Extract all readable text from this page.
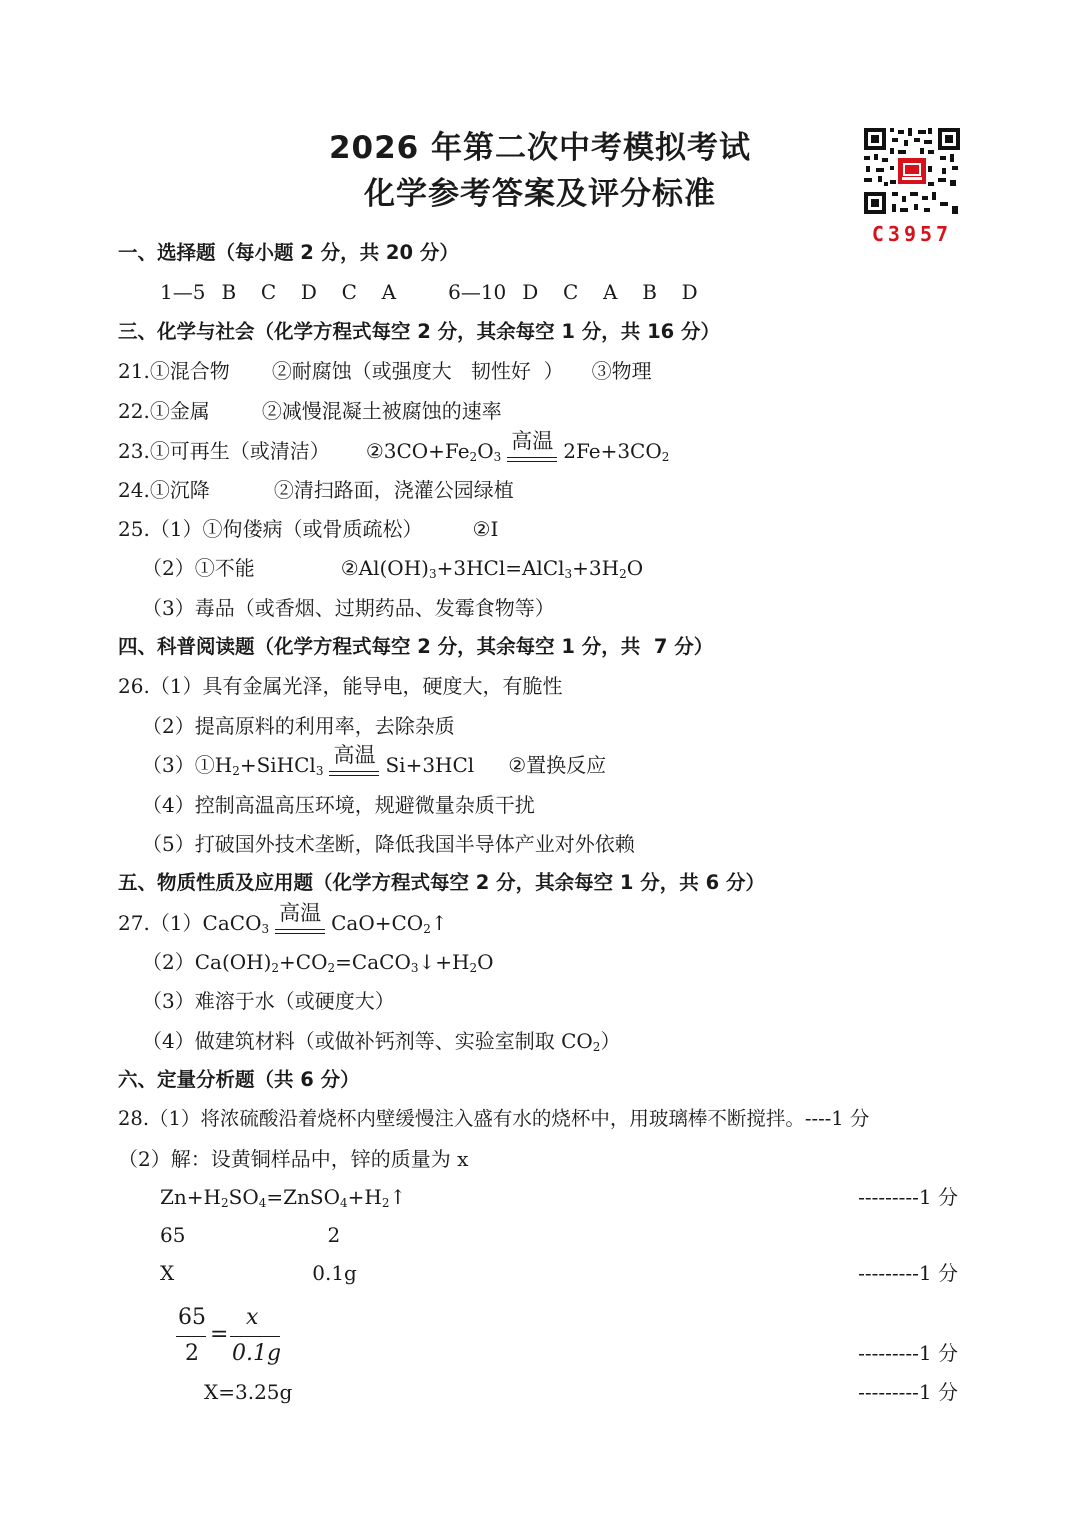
2026 年第二次中考模拟考试
化学参考答案及评分标准
C3957
一、选择题（每小题 2 分，共 20 分）
1—5 B  C  D  C  A	6—10 D  C  A  B  D
三、化学与社会（化学方程式每空 2 分，其余每空 1 分，共 16 分）
21.①混合物 ②耐腐蚀（或强度大   韧性好  ） ③物理
22.①金属	②减慢混凝土被腐蚀的速率
23.①可再生（或清洁） $②3CO+Fe_2O_3$
高温 $2Fe+3CO_2$
24.①沉降	②清扫路面，浇灌公园绿植
25.（1）①佝偻病（或骨质疏松）	②I
（2）①不能	$②Al(OH)_3+3HCl=AlCl_3+3H_2O$
（3）毒品（或香烟、过期药品、发霉食物等）
四、科普阅读题（化学方程式每空 2 分，其余每空 1 分，共  7 分）
26.（1）具有金属光泽，能导电，硬度大，有脆性
（2）提高原料的利用率，去除杂质
$(3)①H_2+SiHCl_3$
高温 Si+3HCl ②置换反应
（4）控制高温高压环境，规避微量杂质干扰
（5）打破国外技术垄断，降低我国半导体产业对外依赖
五、物质性质及应用题（化学方程式每空 2 分，其余每空 1 分，共 6 分）
27.（1）CaCO$_3$
高温 $CaO+CO_2↑$
$(2)Ca(OH)_2+CO_2=CaCO_3↓+H_2O$
（3）难溶于水（或硬度大）
（4）做建筑材料（或做补钙剂等、实验室制取 $CO_2$）
六、定量分析题（共 6 分）
28.（1）将浓硫酸沿着烧杯内壁缓慢注入盛有水的烧杯中，用玻璃棒不断搅拌。----1 分
（2）解：设黄铜样品中，锌的质量为 x
$Zn+H_2SO_4=ZnSO_4+H_2↑$	---------1 分
65	2
X	0.1g	---------1 分
65
2
=
x
0.1g	---------1 分
X=3.25g	---------1 分
